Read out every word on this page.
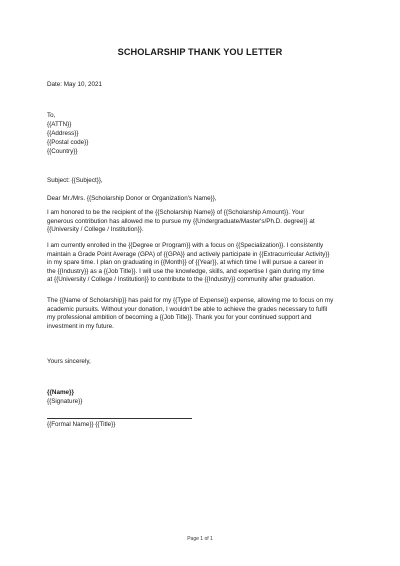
SCHOLARSHIP THANK YOU LETTER
Date: May 10, 2021
To,
{{ATTN}}
{{Address}}
{{Postal code}}
{{Country}}
Subject: {{Subject}},
Dear Mr./Mrs. {{Scholarship Donor or Organization's Name}},
I am honored to be the recipient of the {{Scholarship Name}} of {{Scholarship Amount}}. Your
generous contribution has allowed me to pursue my {{Undergraduate/Master's/Ph.D. degree}} at
{{University / College / Institution}}.
I am currently enrolled in the {{Degree or Program}} with a focus on {{Specialization}}. I consistently
maintain a Grade Point Average (GPA) of {{GPA}} and actively participate in {{Extracurricular Activity}}
in my spare time. I plan on graduating in {{Month}} of {{Year}}, at which time I will pursue a career in
the {{Industry}} as a {{Job Title}}. I will use the knowledge, skills, and expertise I gain during my time
at {{University / College / Institution}} to contribute to the {{Industry}} community after graduation.
The {{Name of Scholarship}} has paid for my {{Type of Expense}} expense, allowing me to focus on my
academic pursuits. Without your donation, I wouldn't be able to achieve the grades necessary to fulfil
my professional ambition of becoming a {{Job Title}}. Thank you for your continued support and
investment in my future.
Yours sincerely,
{{Name}}
{{Signature}}
{{Formal Name}} {{Title}}
Page 1 of 1
